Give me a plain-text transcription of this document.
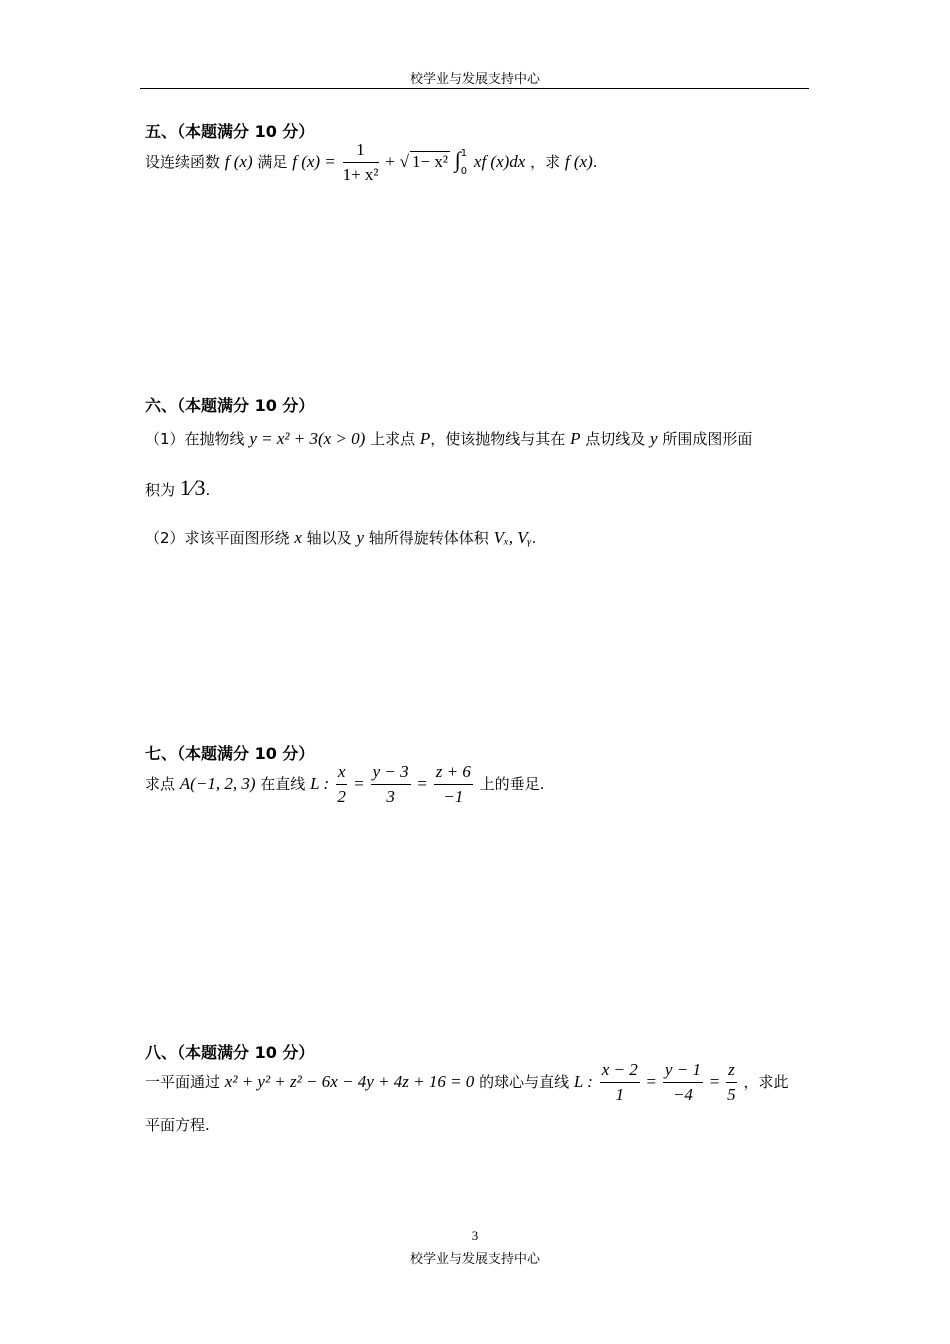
校学业与发展支持中心
五、（本题满分 10 分）
设连续函数 f (x) 满足 f $(x) = \frac{1}{\text{1+ x²}}$ + √ 1− x² ∫ 1
0 xf (x)dx ，求 f (x).
六、（本题满分 10 分）
（1）在抛物线 y = x² + 3(x > 0) 上求点 P，使该抛物线与其在 P 点切线及 y 所围成图形面
积为 1⁄3.
（2）求该平面图形绕 x 轴以及 y 轴所得旋转体体积 Vₓ, Vᵧ.
七、（本题满分 10 分）
求点 A(−1, 2, 3) 在直线 L : $\frac{x}{2} = \frac{y - 3}{3} = \frac{z + 6}{-1}$ 上的垂足.
八、（本题满分 10 分）
一平面通过 x² + y² + z² − 6x − 4y + 4z + 16 = 0 的球心与直线 L : $\frac{x - 2}{1} = \frac{y - 1}{-4} = \frac{z}{5}$ ，求此
平面方程.
3
校学业与发展支持中心
